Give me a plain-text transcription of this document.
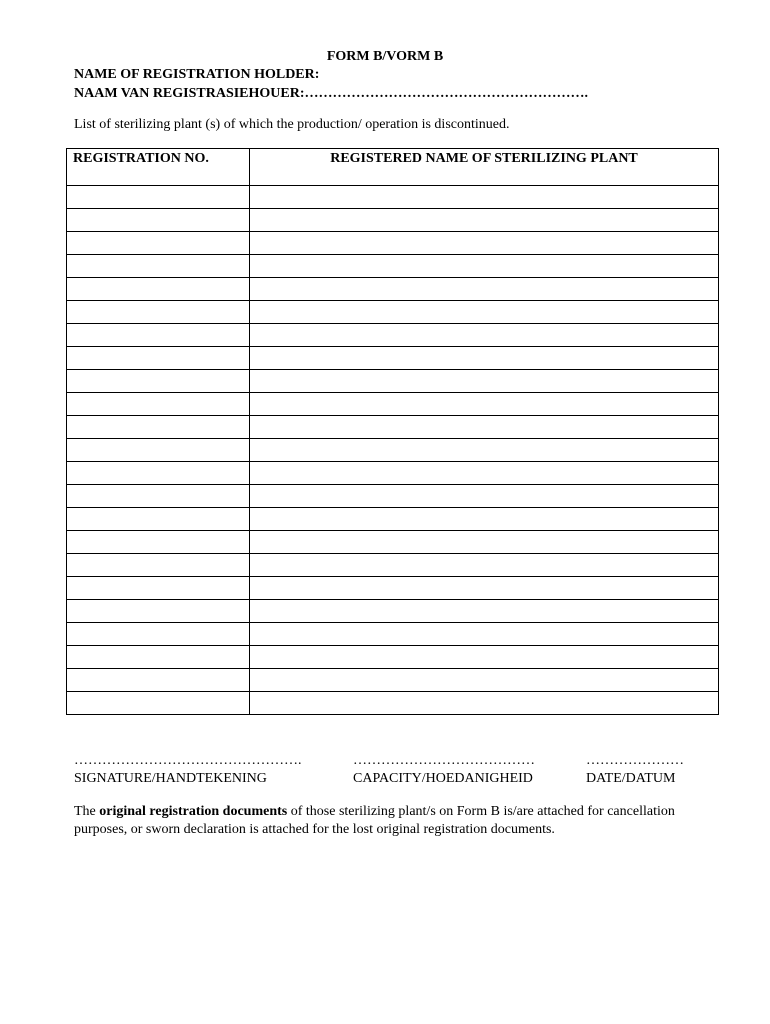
FORM B/VORM B
NAME OF REGISTRATION HOLDER:
NAAM VAN REGISTRASIEHOUER:…………………………………………………….
List of sterilizing plant (s) of which the production/ operation is discontinued.
REGISTRATION NO.	REGISTERED NAME OF STERILIZING PLANT

………………………………………….
SIGNATURE/HANDTEKENING
…………………………………
CAPACITY/HOEDANIGHEID
…………………
DATE/DATUM

The original registration documents of those sterilizing plant/s on Form B is/are attached for cancellation purposes, or sworn declaration is attached for the lost original registration documents.
